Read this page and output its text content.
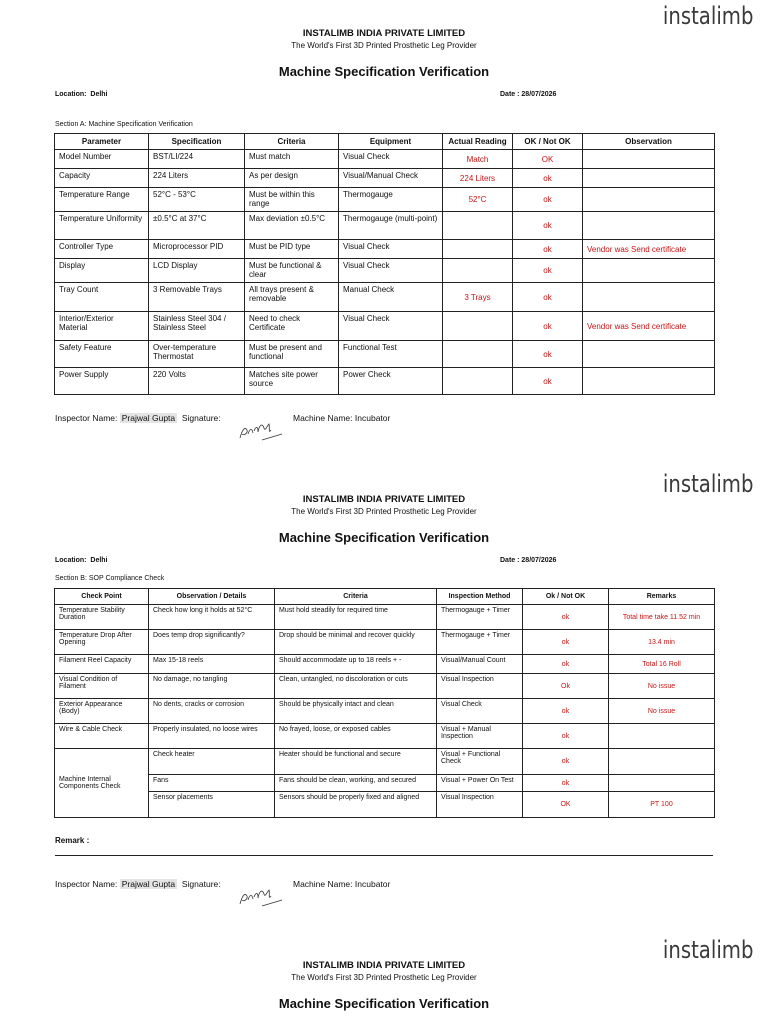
instalimb
INSTALIMB INDIA PRIVATE LIMITED
The World's First 3D Printed Prosthetic Leg Provider
Machine Specification Verification
Location: Delhi	Date : 28/07/2026
Section A: Machine Specification Verification
Parameter	Specification	Criteria	Equipment	Actual Reading	OK / Not OK	Observation
Model Number	BST/LI/224	Must match	Visual Check	Match	OK	
Capacity	224 Liters	As per design	Visual/Manual Check	224 Liters	ok	
Temperature Range	52°C - 53°C	Must be within this range	Thermogauge	52°C	ok	
Temperature Uniformity	±0.5°C at 37°C	Max deviation ±0.5°C	Thermogauge (multi-point)		ok	
Controller Type	Microprocessor PID	Must be PID type	Visual Check		ok	Vendor was Send certificate
Display	LCD Display	Must be functional & clear	Visual Check		ok	
Tray Count	3 Removable Trays	All trays present & removable	Manual Check	3 Trays	ok	
Interior/Exterior Material	Stainless Steel 304 / Stainless Steel	Need to check Certificate	Visual Check		ok	Vendor was Send certificate
Safety Feature	Over-temperature Thermostat	Must be present and functional	Functional Test		ok	
Power Supply	220 Volts	Matches site power source	Power Check		ok	
Inspector Name: Prajwal Gupta Signature:	Machine Name: Incubator
instalimb
INSTALIMB INDIA PRIVATE LIMITED
The World's First 3D Printed Prosthetic Leg Provider
Machine Specification Verification
Location: Delhi	Date : 28/07/2026
Section B: SOP Compliance Check
Check Point	Observation / Details	Criteria	Inspection Method	Ok / Not OK	Remarks
Temperature Stability Duration	Check how long it holds at 52°C	Must hold steadily for required time	Thermogauge + Timer	ok	Total time take 11.52 min
Temperature Drop After Opening	Does temp drop significantly?	Drop should be minimal and recover quickly	Thermogauge + Timer	ok	13.4 min
Filament Reel Capacity	Max 15-18 reels	Should accommodate up to 18 reels + -	Visual/Manual Count	ok	Total 16 Roll
Visual Condition of Filament	No damage, no tangling	Clean, untangled, no discoloration or cuts	Visual Inspection	Ok	No issue
Exterior Appearance (Body)	No dents, cracks or corrosion	Should be physically intact and clean	Visual Check	ok	No issue
Wire & Cable Check	Properly insulated, no loose wires	No frayed, loose, or exposed cables	Visual + Manual Inspection	ok	
Machine Internal Components Check	Check heater	Heater should be functional and secure	Visual + Functional Check	ok	
	Fans	Fans should be clean, working, and secured	Visual + Power On Test	ok	
	Sensor placements	Sensors should be properly fixed and aligned	Visual Inspection	OK	PT 100
Remark :
Inspector Name: Prajwal Gupta Signature:	Machine Name: Incubator
instalimb
INSTALIMB INDIA PRIVATE LIMITED
The World's First 3D Printed Prosthetic Leg Provider
Machine Specification Verification
